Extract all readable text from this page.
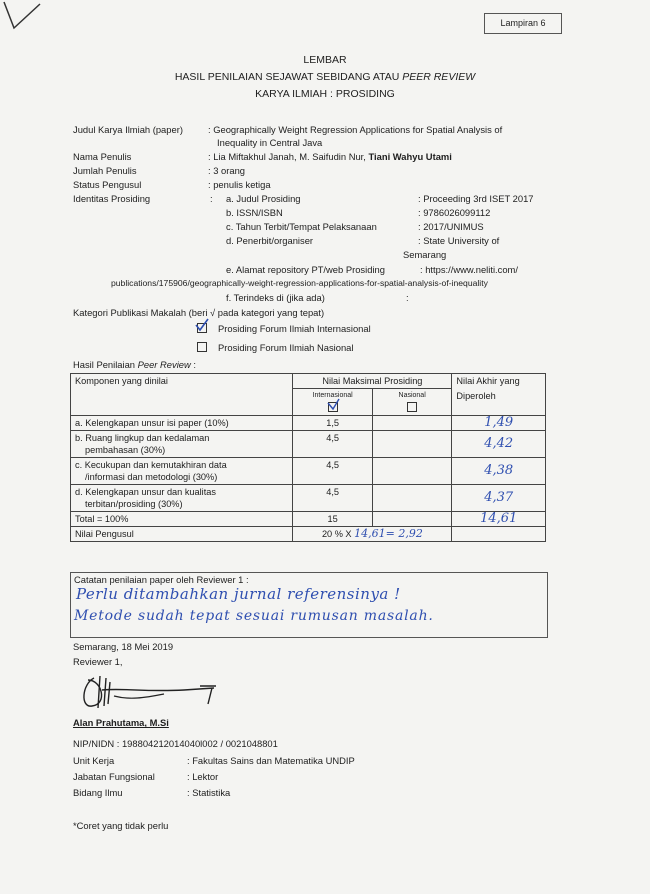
Lampiran 6
LEMBAR
HASIL PENILAIAN SEJAWAT SEBIDANG ATAU PEER REVIEW
KARYA ILMIAH : PROSIDING
Judul Karya Ilmiah (paper)	: Geographically Weight Regression Applications for Spatial Analysis of
Inequality in Central Java
Nama Penulis	: Lia Miftakhul Janah, M. Saifudin Nur, Tiani Wahyu Utami
Jumlah Penulis	: 3 orang
Status Pengusul	: penulis ketiga
Identitas Prosiding	: a. Judul Prosiding	: Proceeding 3rd ISET 2017
b. ISSN/ISBN	: 9786026099112
c. Tahun Terbit/Tempat Pelaksanaan	: 2017/UNIMUS
d. Penerbit/organiser	: State University of
Semarang
e. Alamat repository PT/web Prosiding	: https://www.neliti.com/
publications/175906/geographically-weight-regression-applications-for-spatial-analysis-of-inequality
f. Terindeks di (jika ada)	:
Kategori Publikasi Makalah (beri √ pada kategori yang tepat)
Prosiding Forum Ilmiah Internasional
Prosiding Forum Ilmiah Nasional
Hasil Penilaian Peer Review :
Komponen yang dinilai	Nilai Maksimal Prosiding		Nilai Akhir yang
Diperoleh

	Internasional	Nasional	

a. Kelengkapan unsur isi paper (10%)	1,5		1,49

b. Ruang lingkup dan kedalaman
pembahasan (30%)	4,5		4,42

c. Kecukupan dan kemutakhiran data
/informasi dan metodologi (30%)	4,5		4,38

d. Kelengkapan unsur dan kualitas
terbitan/prosiding (30%)	4,5		4,37
Total = 100%	15		14,61
Nilai Pengusul	20 % X 14,61= 2,92		
Catatan penilaian paper oleh Reviewer 1 :
Perlu ditambahkan jurnal referensinya !
Metode sudah tepat sesuai rumusan masalah.
Semarang, 18 Mei 2019
Reviewer 1,
Alan Prahutama, M.Si
NIP/NIDN : 198804212014040l002 / 0021048801
Unit Kerja	: Fakultas Sains dan Matematika UNDIP
Jabatan Fungsional	: Lektor
Bidang Ilmu	: Statistika
*Coret yang tidak perlu
